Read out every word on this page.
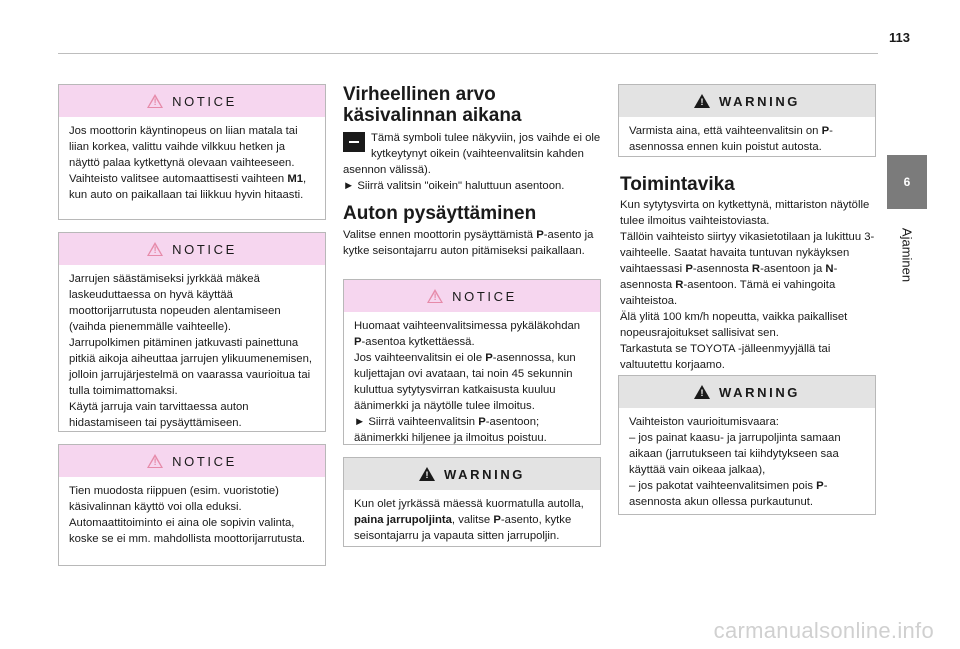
113
6
Ajaminen
! NOTICE
Jos moottorin käyntinopeus on liian matala tai liian korkea, valittu vaihde vilkkuu hetken ja näyttö palaa kytkettynä olevaan vaihteeseen. Vaihteisto valitsee automaattisesti vaihteen M1, kun auto on paikallaan tai liikkuu hyvin hitaasti.
! NOTICE
Jarrujen säästämiseksi jyrkkää mäkeä laskeuduttaessa on hyvä käyttää moottorijarrutusta nopeuden alentamiseen (vaihda pienemmälle vaihteelle).
Jarrupolkimen pitäminen jatkuvasti painettuna pitkiä aikoja aiheuttaa jarrujen ylikuumenemisen, jolloin jarrujärjestelmä on vaarassa vaurioitua tai tulla toimimattomaksi.
Käytä jarruja vain tarvittaessa auton hidastamiseen tai pysäyttämiseen.
! NOTICE
Tien muodosta riippuen (esim. vuoristotie) käsivalinnan käyttö voi olla eduksi. Automaattitoiminto ei aina ole sopivin valinta, koske se ei mm. mahdollista moottorijarrutusta.
Virheellinen arvo käsivalinnan aikana
Tämä symboli tulee näkyviin, jos vaihde ei ole kytkeytynyt oikein (vaihteenvalitsin kahden asennon välissä).
► Siirrä valitsin "oikein" haluttuun asentoon.
Auton pysäyttäminen
Valitse ennen moottorin pysäyttämistä P-asento ja kytke seisontajarru auton pitämiseksi paikallaan.
! NOTICE
Huomaat vaihteenvalitsimessa pykäläkohdan P-asentoa kytkettäessä.
Jos vaihteenvalitsin ei ole P-asennossa, kun kuljettajan ovi avataan, tai noin 45 sekunnin kuluttua sytytysvirran katkaisusta kuuluu äänimerkki ja näytölle tulee ilmoitus.
► Siirrä vaihteenvalitsin P-asentoon; äänimerkki hiljenee ja ilmoitus poistuu.
! WARNING
Kun olet jyrkässä mäessä kuormatulla autolla, paina jarrupoljinta, valitse P-asento, kytke seisontajarru ja vapauta sitten jarrupoljin.
! WARNING
Varmista aina, että vaihteenvalitsin on P-asennossa ennen kuin poistut autosta.
Toimintavika
Kun sytytysvirta on kytkettynä, mittariston näytölle tulee ilmoitus vaihteistoviasta.
Tällöin vaihteisto siirtyy vikasietotilaan ja lukittuu 3-vaihteelle. Saatat havaita tuntuvan nykäyksen vaihtaessasi P-asennosta R-asentoon ja N-asennosta R-asentoon. Tämä ei vahingoita vaihteistoa.
Älä ylitä 100 km/h nopeutta, vaikka paikalliset nopeusrajoitukset sallisivat sen.
Tarkastuta se TOYOTA -jälleenmyyjällä tai valtuutettu korjaamo.
! WARNING
Vaihteiston vaurioitumisvaara:
– jos painat kaasu- ja jarrupoljinta samaan aikaan (jarrutukseen tai kiihdytykseen saa käyttää vain oikeaa jalkaa),
– jos pakotat vaihteenvalitsimen pois P-asennosta akun ollessa purkautunut.
carmanualsonline.info
